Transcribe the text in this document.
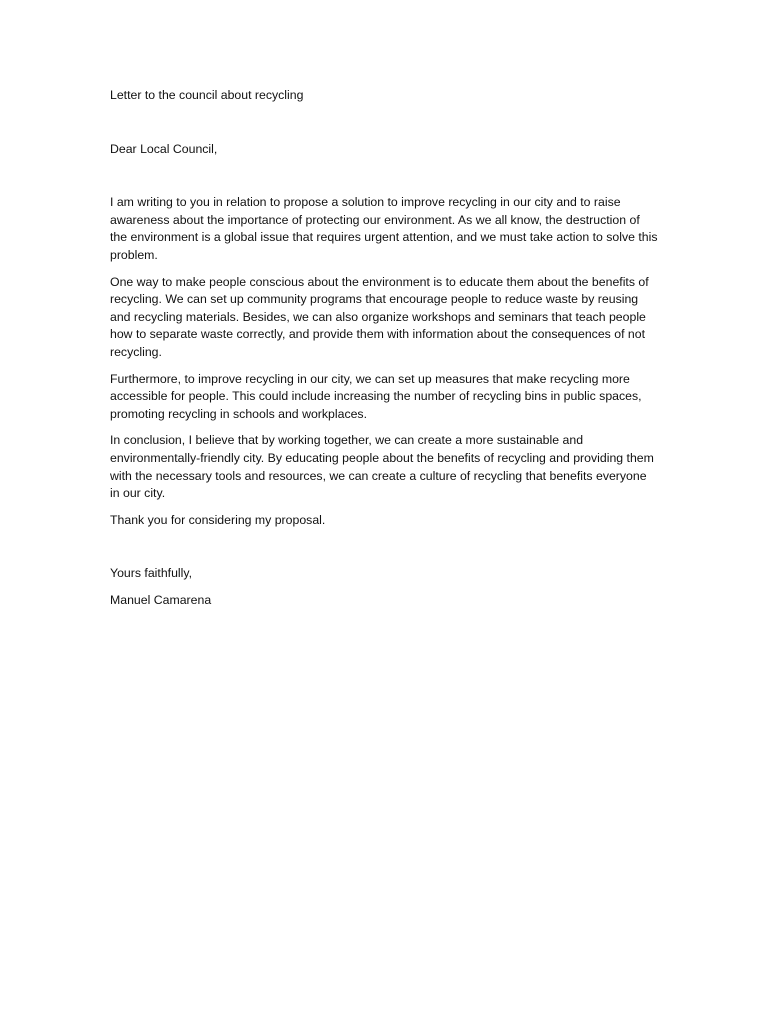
Letter to the council about recycling

Dear Local Council,

I am writing to you in relation to propose a solution to improve recycling in our city and to raise awareness about the importance of protecting our environment. As we all know, the destruction of the environment is a global issue that requires urgent attention, and we must take action to solve this problem.

One way to make people conscious about the environment is to educate them about the benefits of recycling. We can set up community programs that encourage people to reduce waste by reusing and recycling materials. Besides, we can also organize workshops and seminars that teach people how to separate waste correctly, and provide them with information about the consequences of not recycling.

Furthermore, to improve recycling in our city, we can set up measures that make recycling more accessible for people. This could include increasing the number of recycling bins in public spaces, promoting recycling in schools and workplaces.

In conclusion, I believe that by working together, we can create a more sustainable and environmentally-friendly city. By educating people about the benefits of recycling and providing them with the necessary tools and resources, we can create a culture of recycling that benefits everyone in our city.

Thank you for considering my proposal.

Yours faithfully,

Manuel Camarena
